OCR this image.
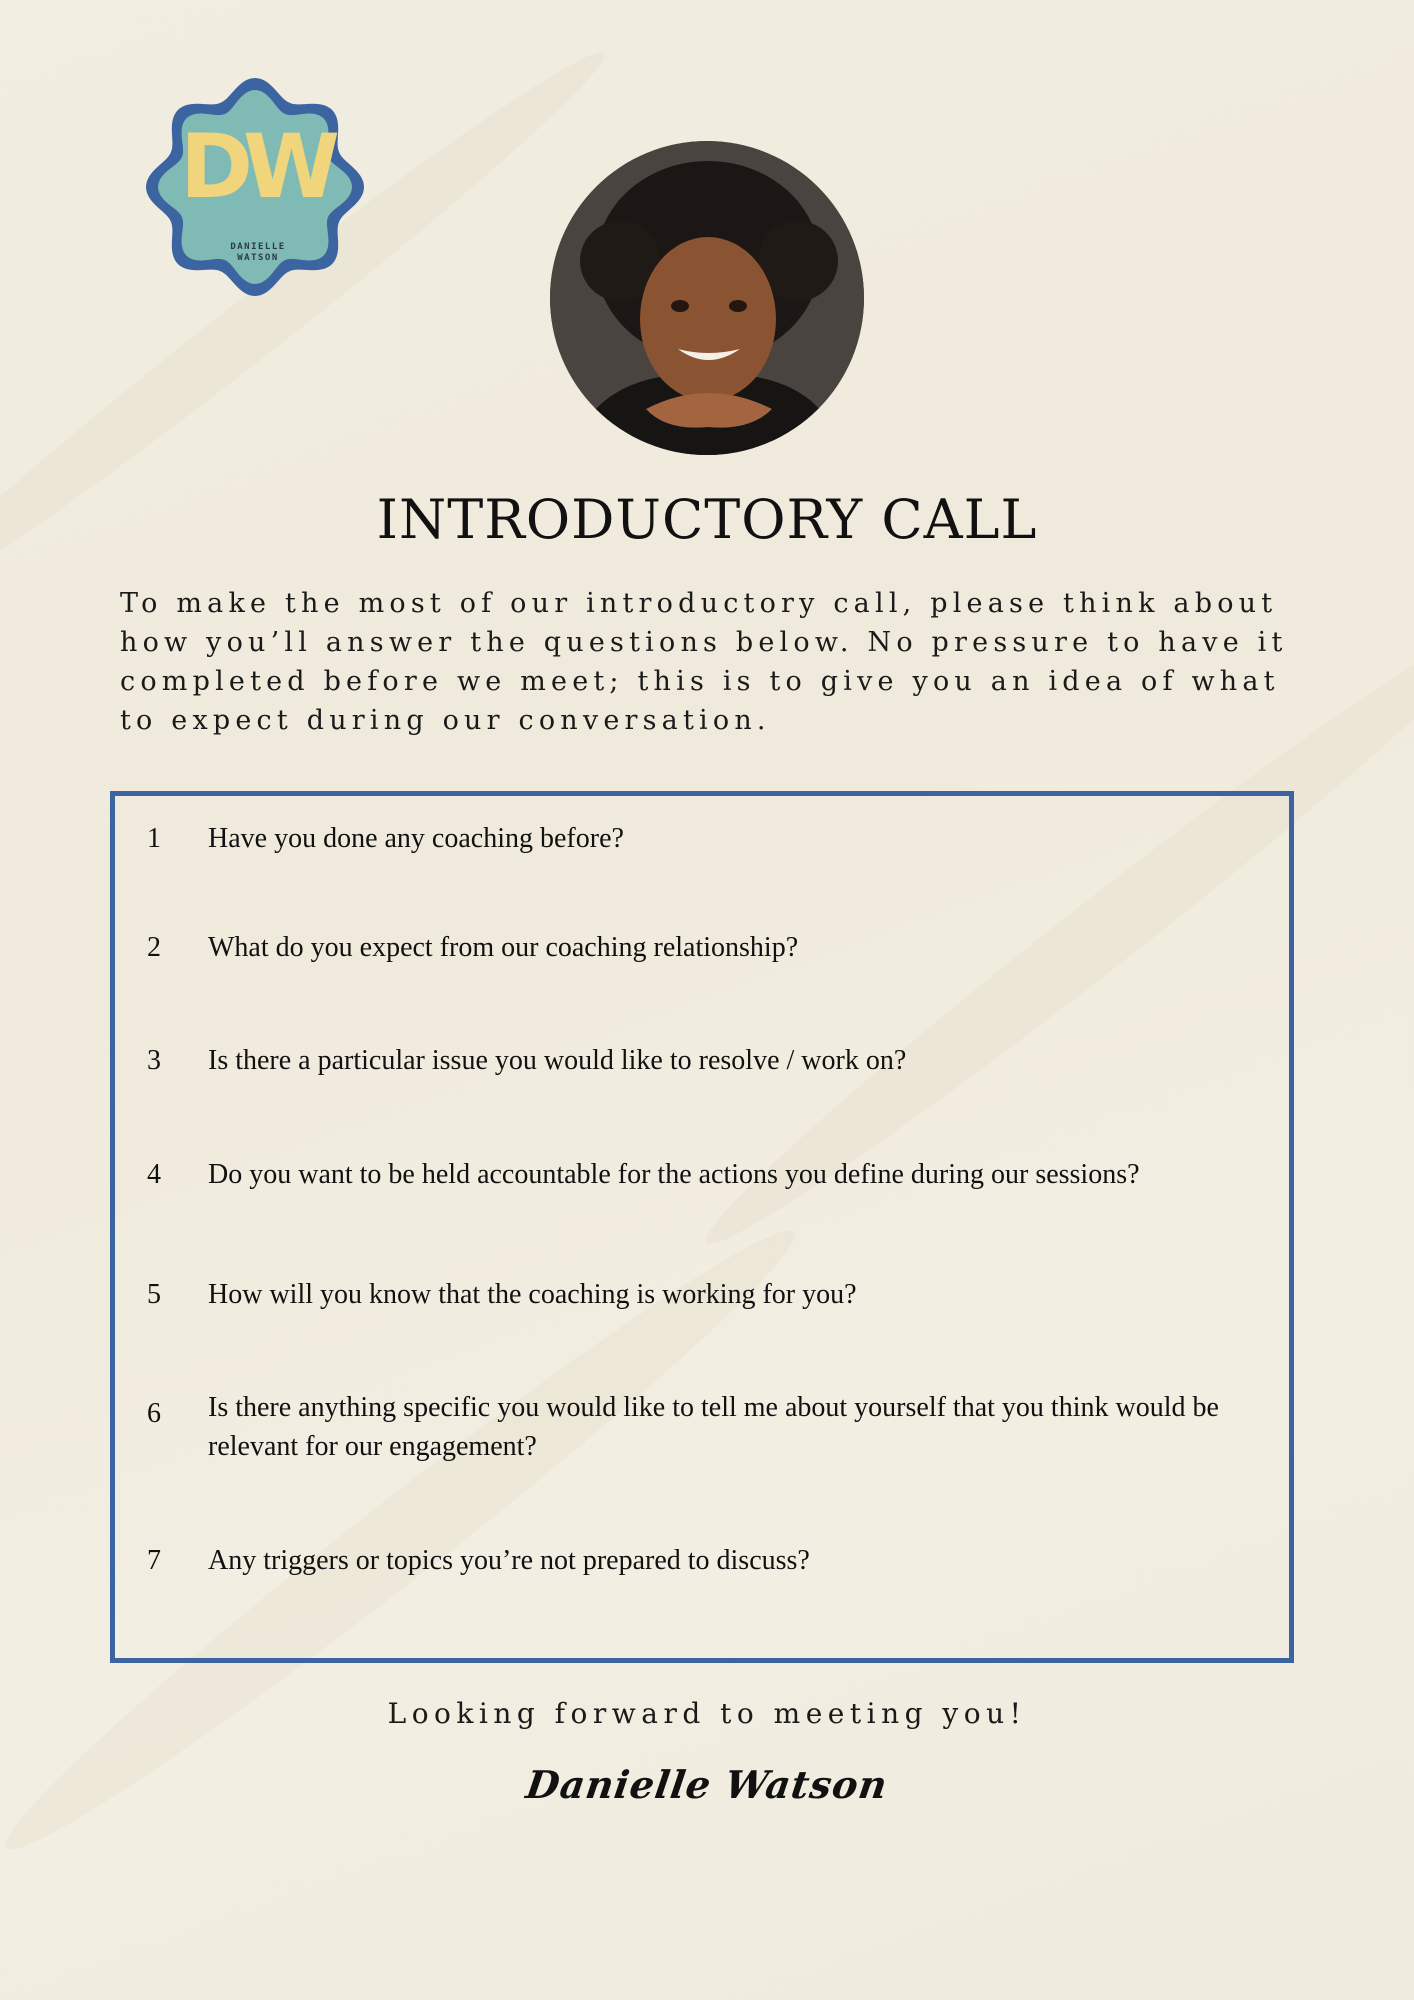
DW
DANIELLE
WATSON
INTRODUCTORY CALL
To make the most of our introductory call, please think about how you’ll answer the questions below. No pressure to have it completed before we meet; this is to give you an idea of what to expect during our conversation.
1 Have you done any coaching before?
2 What do you expect from our coaching relationship?
3 Is there a particular issue you would like to resolve / work on?
4 Do you want to be held accountable for the actions you define during our sessions?
5 How will you know that the coaching is working for you?
6 Is there anything specific you would like to tell me about yourself that you think would be relevant for our engagement?
7 Any triggers or topics you’re not prepared to discuss?
Looking forward to meeting you!
Danielle Watson
